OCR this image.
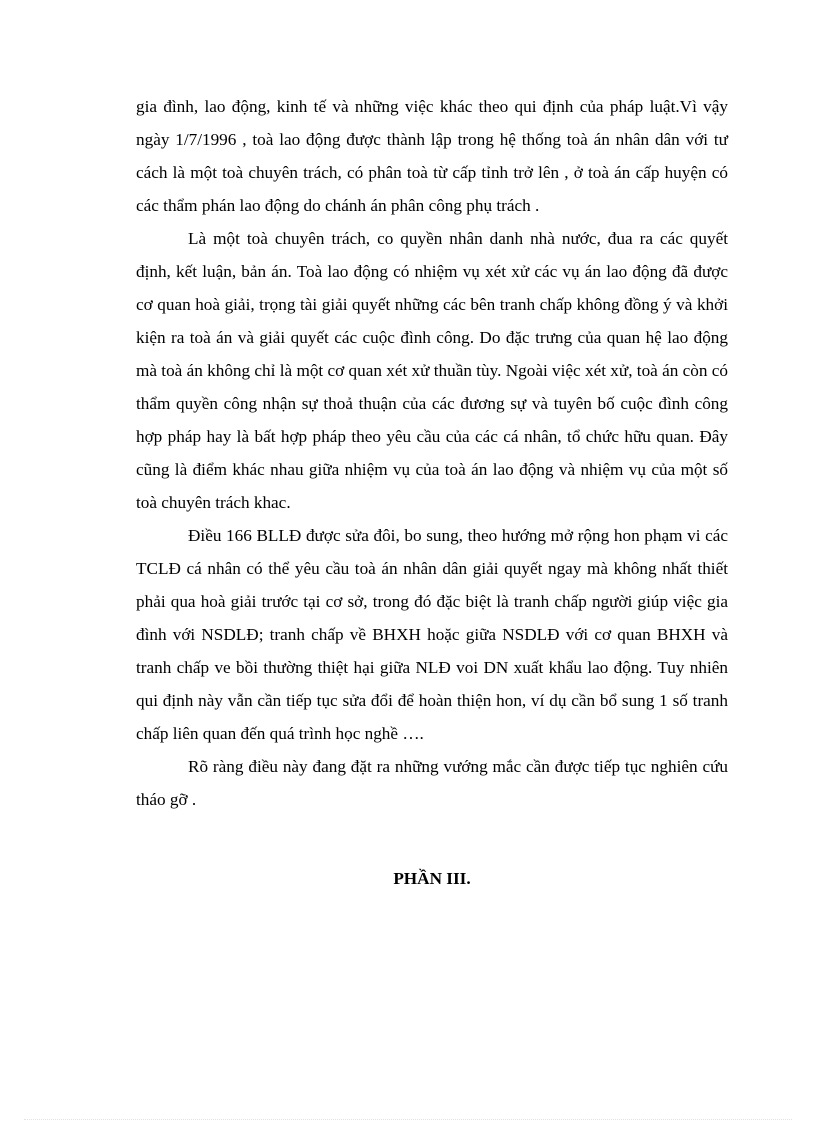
gia đình, lao động, kinh tế và những việc khác theo qui định của pháp luật.Vì vậy ngày 1/7/1996 , toà lao động được thành lập trong hệ thống toà án nhân dân với tư cách là một toà chuyên trách, có phân toà từ cấp tỉnh trở lên , ở toà án cấp huyện có các thẩm phán lao động do chánh án phân công phụ trách .

Là một toà chuyên trách, co quyền nhân danh nhà nước, đua ra các quyết định, kết luận, bản án. Toà lao động có nhiệm vụ xét xử các vụ án lao động đã được cơ quan hoà giải, trọng tài giải quyết những các bên tranh chấp không đồng ý và khởi kiện ra toà án và giải quyết các cuộc đình công. Do đặc trưng của quan hệ lao động mà toà án không chỉ là một cơ quan xét xử thuần tùy. Ngoài việc xét xử, toà án còn có thẩm quyền công nhận sự thoả thuận của các đương sự và tuyên bố cuộc đình công hợp pháp hay là bất hợp pháp theo yêu cầu của các cá nhân, tổ chức hữu quan. Đây cũng là điểm khác nhau giữa nhiệm vụ của toà án lao động và nhiệm vụ của một số toà chuyên trách khac.

Điều 166 BLLĐ được sửa đôi, bo sung, theo hướng mở rộng hon phạm vi các TCLĐ cá nhân có thể yêu cầu toà án nhân dân giải quyết ngay mà không nhất thiết phải qua hoà giải trước tại cơ sở, trong đó đặc biệt là tranh chấp người giúp việc gia đình với NSDLĐ; tranh chấp về BHXH hoặc giữa NSDLĐ với cơ quan BHXH và tranh chấp ve bồi thường thiệt hại giữa NLĐ voi DN xuất khẩu lao động. Tuy nhiên qui định này vẫn cần tiếp tục sửa đổi để hoàn thiện hon, ví dụ cần bổ sung 1 số tranh chấp liên quan đến quá trình học nghề ….

Rõ ràng điều này đang đặt ra những vướng mắc cần được tiếp tục nghiên cứu tháo gỡ .

PHẦN III.
